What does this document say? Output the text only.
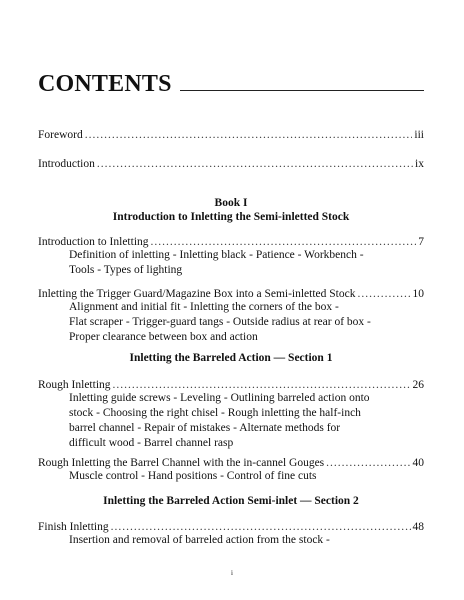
CONTENTS
Foreword .....	iii
Introduction .....	ix
Book I
Introduction to Inletting the Semi-inletted Stock
Introduction to Inletting .....	7
Definition of inletting - Inletting black - Patience - Workbench -
Tools - Types of lighting
Inletting the Trigger Guard/Magazine Box into a Semi-inletted Stock .....	10
Alignment and initial fit - Inletting the corners of the box -
Flat scraper - Trigger-guard tangs - Outside radius at rear of box -
Proper clearance between box and action
Inletting the Barreled Action — Section 1
Rough Inletting .....	26
Inletting guide screws - Leveling - Outlining barreled action onto
stock - Choosing the right chisel - Rough inletting the half-inch
barrel channel - Repair of mistakes - Alternate methods for
difficult wood - Barrel channel rasp
Rough Inletting the Barrel Channel with the in-cannel Gouges .....	40
Muscle control - Hand positions - Control of fine cuts
Inletting the Barreled Action Semi-inlet — Section 2
Finish Inletting .....	48
Insertion and removal of barreled action from the stock -
i
